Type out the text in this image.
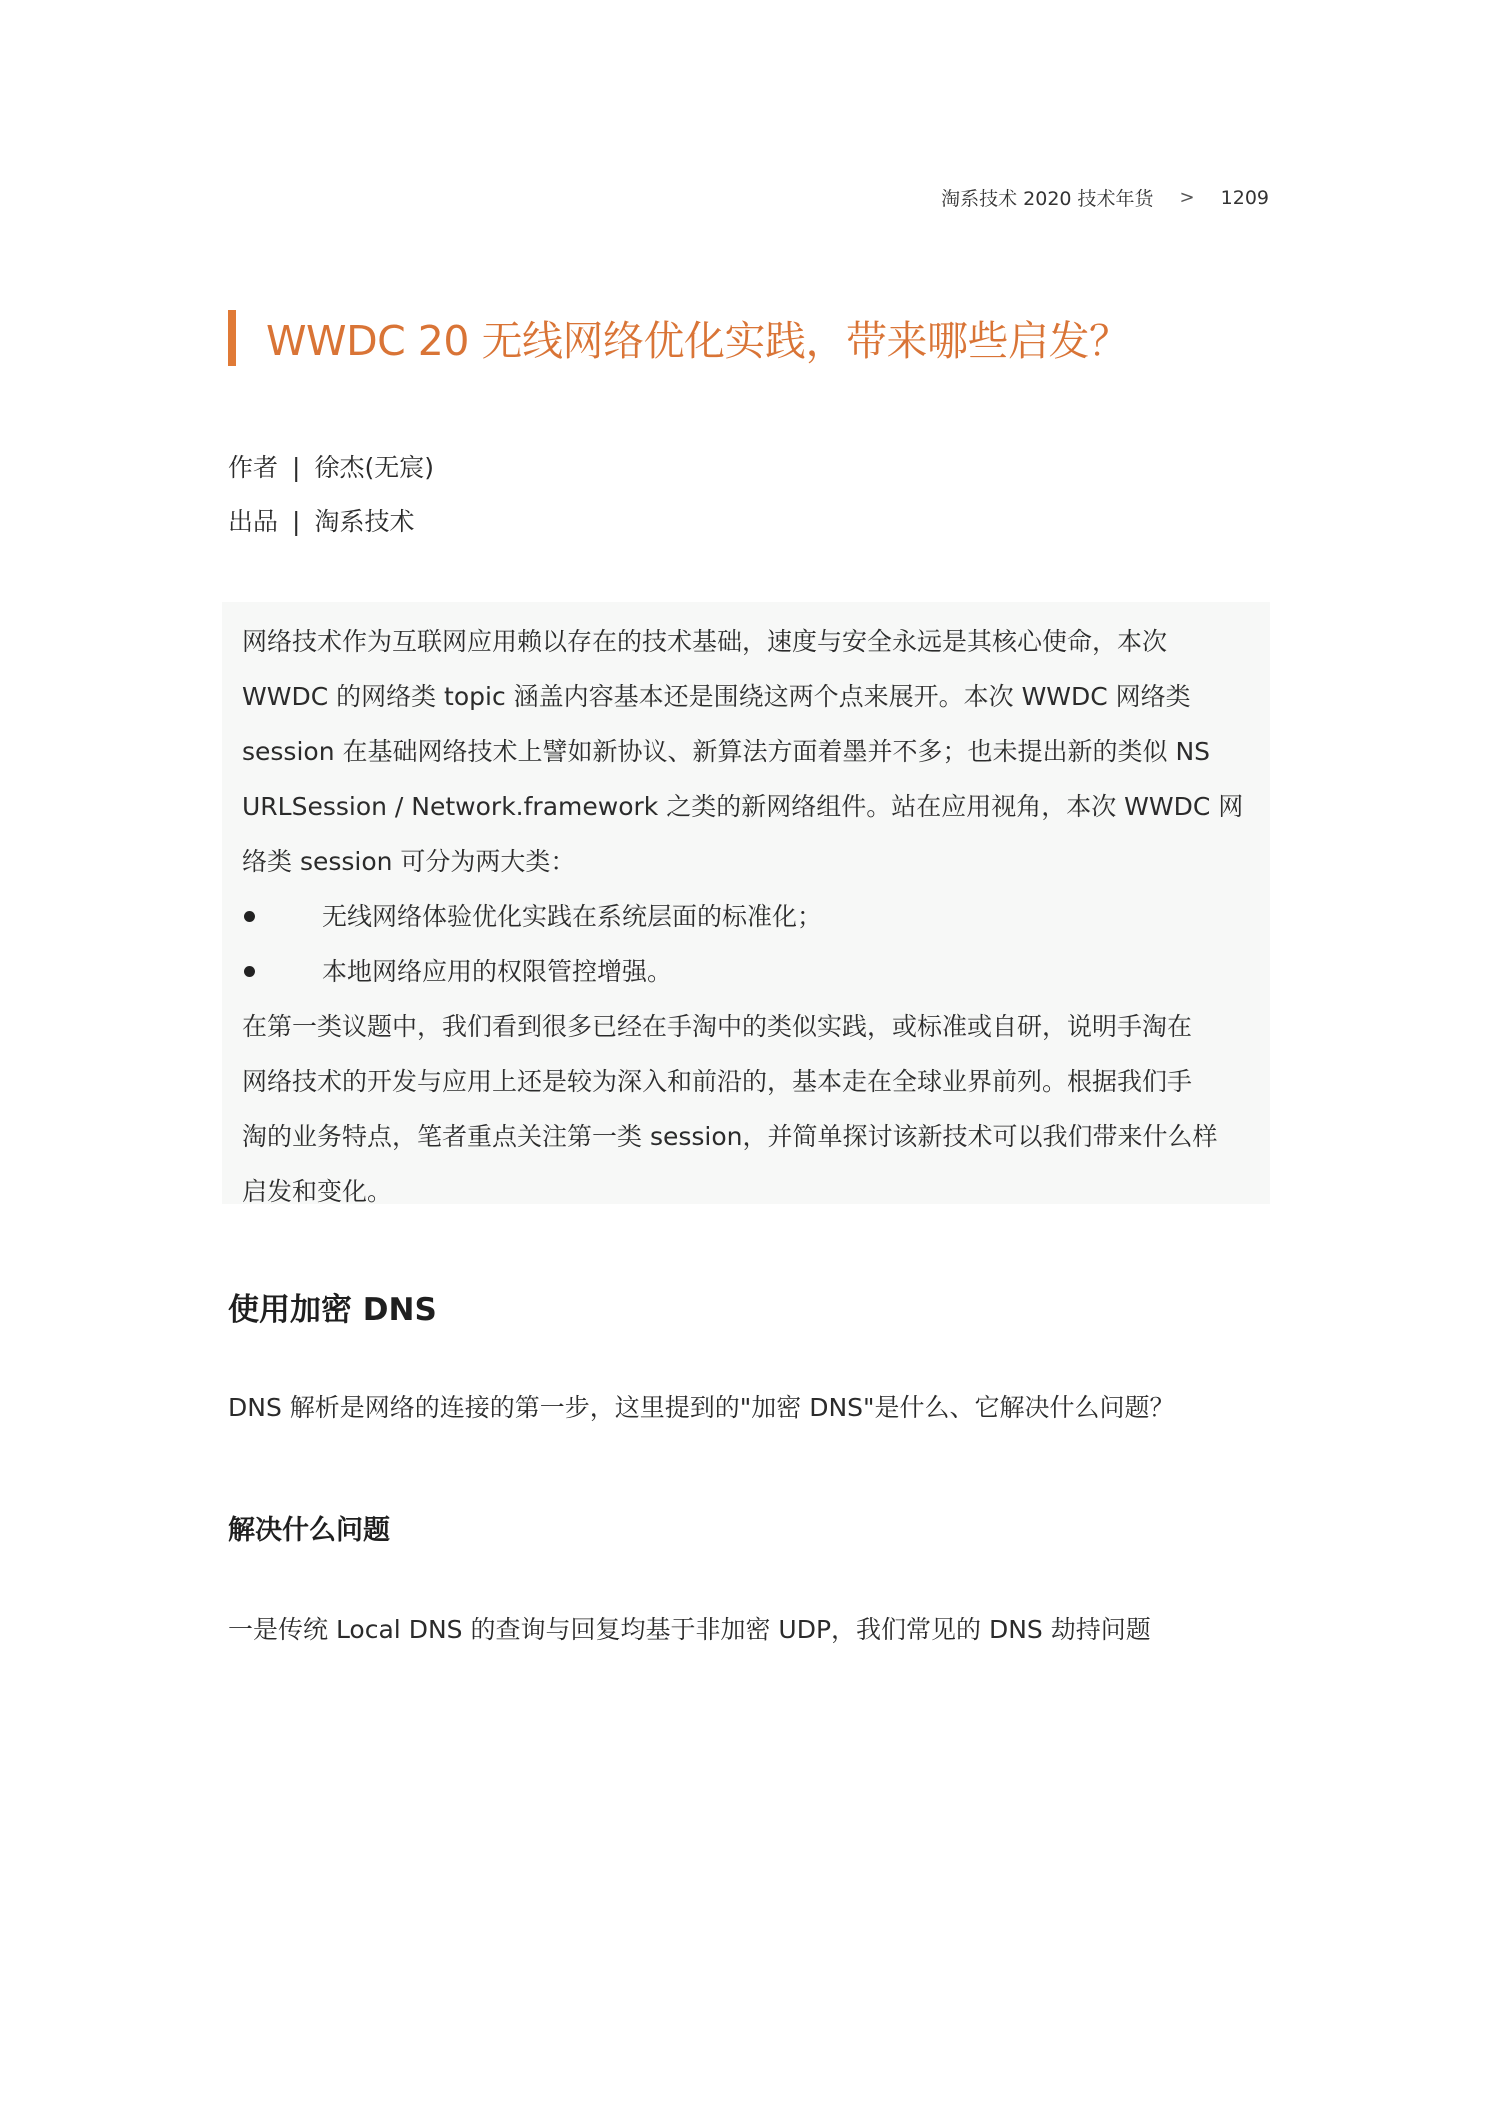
淘系技术 2020 技术年货 > 1209
WWDC 20 无线网络优化实践，带来哪些启发？
作者 | 徐杰(无宸)
出品 | 淘系技术

网络技术作为互联网应用赖以存在的技术基础，速度与安全永远是其核心使命，本次

WWDC 的网络类 topic 涵盖内容基本还是围绕这两个点来展开。本次 WWDC 网络类

session 在基础网络技术上譬如新协议、新算法方面着墨并不多；也未提出新的类似 NS

URLSession / Network.framework 之类的新网络组件。站在应用视角，本次 WWDC 网

络类 session 可分为两大类：

无线网络体验优化实践在系统层面的标准化；
本地网络应用的权限管控增强。

在第一类议题中，我们看到很多已经在手淘中的类似实践，或标准或自研，说明手淘在

网络技术的开发与应用上还是较为深入和前沿的，基本走在全球业界前列。根据我们手

淘的业务特点，笔者重点关注第一类 session，并简单探讨该新技术可以我们带来什么样

启发和变化。

使用加密 DNS

DNS 解析是网络的连接的第一步，这里提到的"加密 DNS"是什么、它解决什么问题？

解决什么问题

一是传统 Local DNS 的查询与回复均基于非加密 UDP，我们常见的 DNS 劫持问题
